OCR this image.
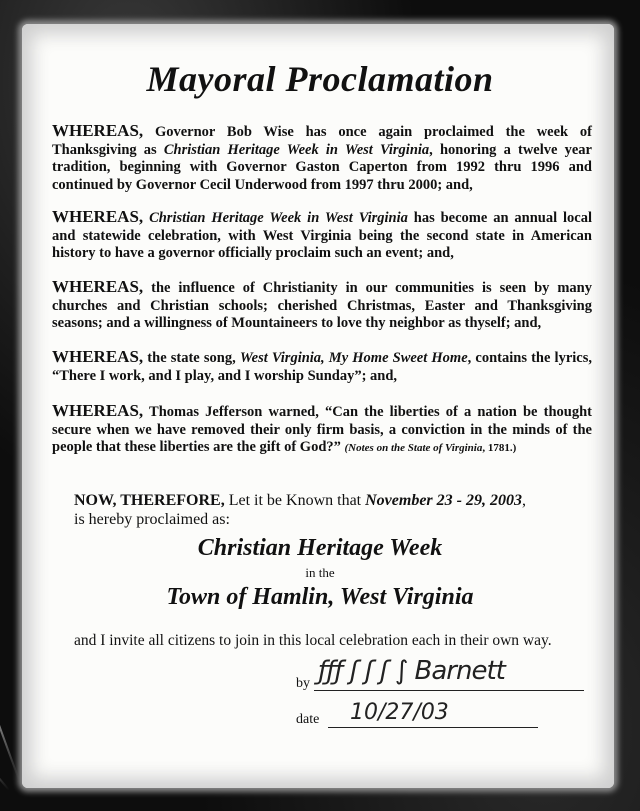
Mayoral Proclamation
WHEREAS, Governor Bob Wise has once again proclaimed the week of Thanksgiving as Christian Heritage Week in West Virginia, honoring a twelve year tradition, beginning with Governor Gaston Caperton from 1992 thru 1996 and continued by Governor Cecil Underwood from 1997 thru 2000; and,
WHEREAS, Christian Heritage Week in West Virginia has become an annual local and statewide celebration, with West Virginia being the second state in American history to have a governor officially proclaim such an event; and,
WHEREAS, the influence of Christianity in our communities is seen by many churches and Christian schools; cherished Christmas, Easter and Thanksgiving seasons; and a willingness of Mountaineers to love thy neighbor as thyself; and,
WHEREAS, the state song, West Virginia, My Home Sweet Home, contains the lyrics, “There I work, and I play, and I worship Sunday”; and,
WHEREAS, Thomas Jefferson warned, “Can the liberties of a nation be thought secure when we have removed their only firm basis, a conviction in the minds of the people that these liberties are the gift of God?” (Notes on the State of Virginia, 1781.)
NOW, THEREFORE, Let it be Known that November 23 - 29, 2003,
is hereby proclaimed as:
Christian Heritage Week
in the
Town of Hamlin, West Virginia
and I invite all citizens to join in this local celebration each in their own way.
by ƒƒƒ ʃ ʃ ʃ ∫ Barnett
date 10/27/03
